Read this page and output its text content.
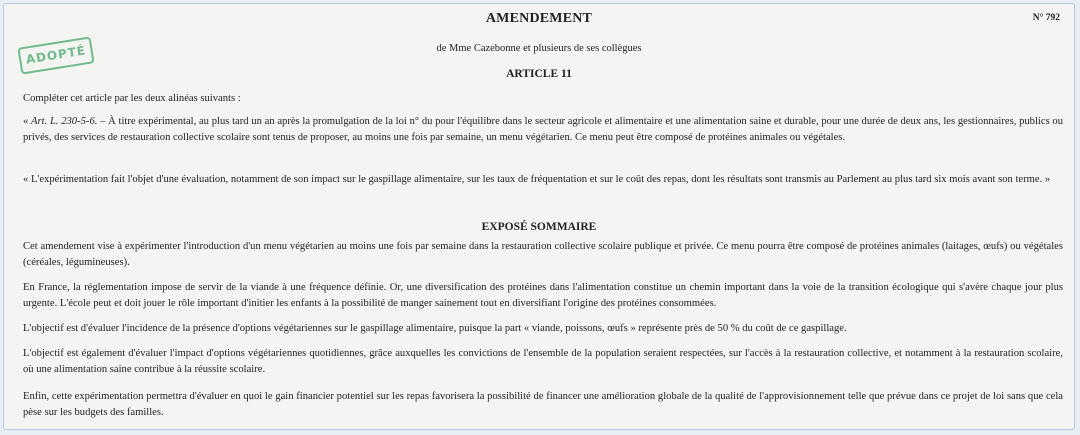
AMENDEMENT	N° 792
ADOPTÉ	de Mme Cazebonne et plusieurs de ses collègues
ARTICLE 11

Compléter cet article par les deux alinéas suivants :

« Art. L. 230-5-6. – À titre expérimental, au plus tard un an après la promulgation de la loi n° du pour l'équilibre dans le secteur agricole et alimentaire et une alimentation saine et durable, pour une durée de deux ans, les gestionnaires, publics ou privés, des services de restauration collective scolaire sont tenus de proposer, au moins une fois par semaine, un menu végétarien. Ce menu peut être composé de protéines animales ou végétales.

« L'expérimentation fait l'objet d'une évaluation, notamment de son impact sur le gaspillage alimentaire, sur les taux de fréquentation et sur le coût des repas, dont les résultats sont transmis au Parlement au plus tard six mois avant son terme. »

EXPOSÉ SOMMAIRE

Cet amendement vise à expérimenter l'introduction d'un menu végétarien au moins une fois par semaine dans la restauration collective scolaire publique et privée. Ce menu pourra être composé de protéines animales (laitages, œufs) ou végétales (céréales, légumineuses).

En France, la réglementation impose de servir de la viande à une fréquence définie. Or, une diversification des protéines dans l'alimentation constitue un chemin important dans la voie de la transition écologique qui s'avère chaque jour plus urgente. L'école peut et doit jouer le rôle important d'initier les enfants à la possibilité de manger sainement tout en diversifiant l'origine des protéines consommées.

L'objectif est d'évaluer l'incidence de la présence d'options végétariennes sur le gaspillage alimentaire, puisque la part « viande, poissons, œufs » représente près de 50 % du coût de ce gaspillage.

L'objectif est également d'évaluer l'impact d'options végétariennes quotidiennes, grâce auxquelles les convictions de l'ensemble de la population seraient respectées, sur l'accès à la restauration collective, et notamment à la restauration scolaire, où une alimentation saine contribue à la réussite scolaire.

Enfin, cette expérimentation permettra d'évaluer en quoi le gain financier potentiel sur les repas favorisera la possibilité de financer une amélioration globale de la qualité de l'approvisionnement telle que prévue dans ce projet de loi sans que cela pèse sur les budgets des familles.
